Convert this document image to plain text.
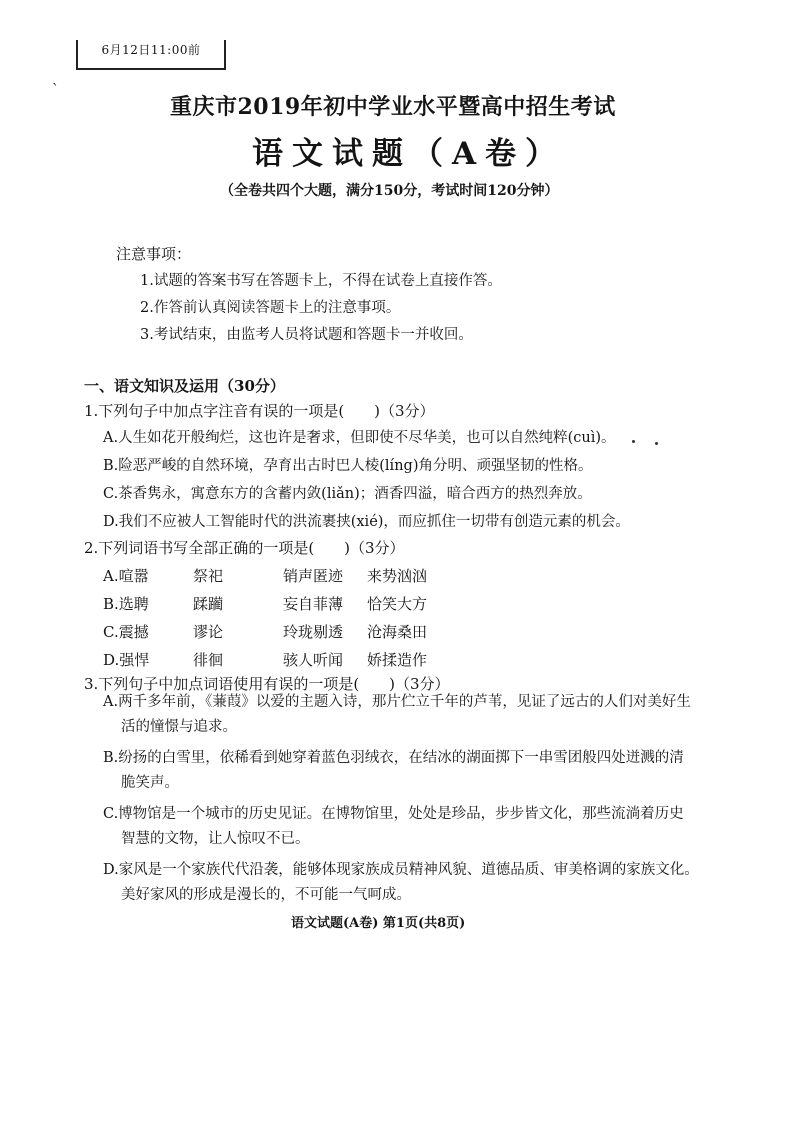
6月12日11:00前
`
重庆市2019年初中学业水平暨高中招生考试
语文试题（A卷）
（全卷共四个大题，满分150分，考试时间120分钟）
注意事项：
1.试题的答案书写在答题卡上，不得在试卷上直接作答。
2.作答前认真阅读答题卡上的注意事项。
3.考试结束，由监考人员将试题和答题卡一并收回。
一、语文知识及运用（30分）
1.下列句子中加点字注音有误的一项是(　　)（3分）
A.人生如花开般绚烂，这也许是奢求，但即使不尽华美，也可以自然纯粹(cuì)。
B.险恶严峻的自然环境，孕育出古时巴人棱(líng)角分明、顽强坚韧的性格。
C.茶香隽永，寓意东方的含蓄内敛(liǎn)；酒香四溢，暗合西方的热烈奔放。
D.我们不应被人工智能时代的洪流裹挟(xié)，而应抓住一切带有创造元素的机会。
2.下列词语书写全部正确的一项是(　　)（3分）
A.喧嚣	祭祀	销声匿迹	来势汹汹
B.选聘	蹂躏	妄自菲薄	恰笑大方
C.震撼	谬论	玲珑剔透	沧海桑田
D.强悍	徘徊	骇人听闻	娇揉造作
3.下列句子中加点词语使用有误的一项是(　　)（3分）
A.两千多年前，《蒹葭》以爱的主题入诗，那片伫立千年的芦苇，见证了远古的人们对美好生
活的憧憬与追求。
B.纷扬的白雪里，依稀看到她穿着蓝色羽绒衣，在结冰的湖面掷下一串雪团般四处迸溅的清
脆笑声。
C.博物馆是一个城市的历史见证。在博物馆里，处处是珍品，步步皆文化，那些流淌着历史
智慧的文物，让人惊叹不已。
D.家风是一个家族代代沿袭，能够体现家族成员精神风貌、道德品质、审美格调的家族文化。
美好家风的形成是漫长的，不可能一气呵成。
语文试题(A卷) 第1页(共8页)
